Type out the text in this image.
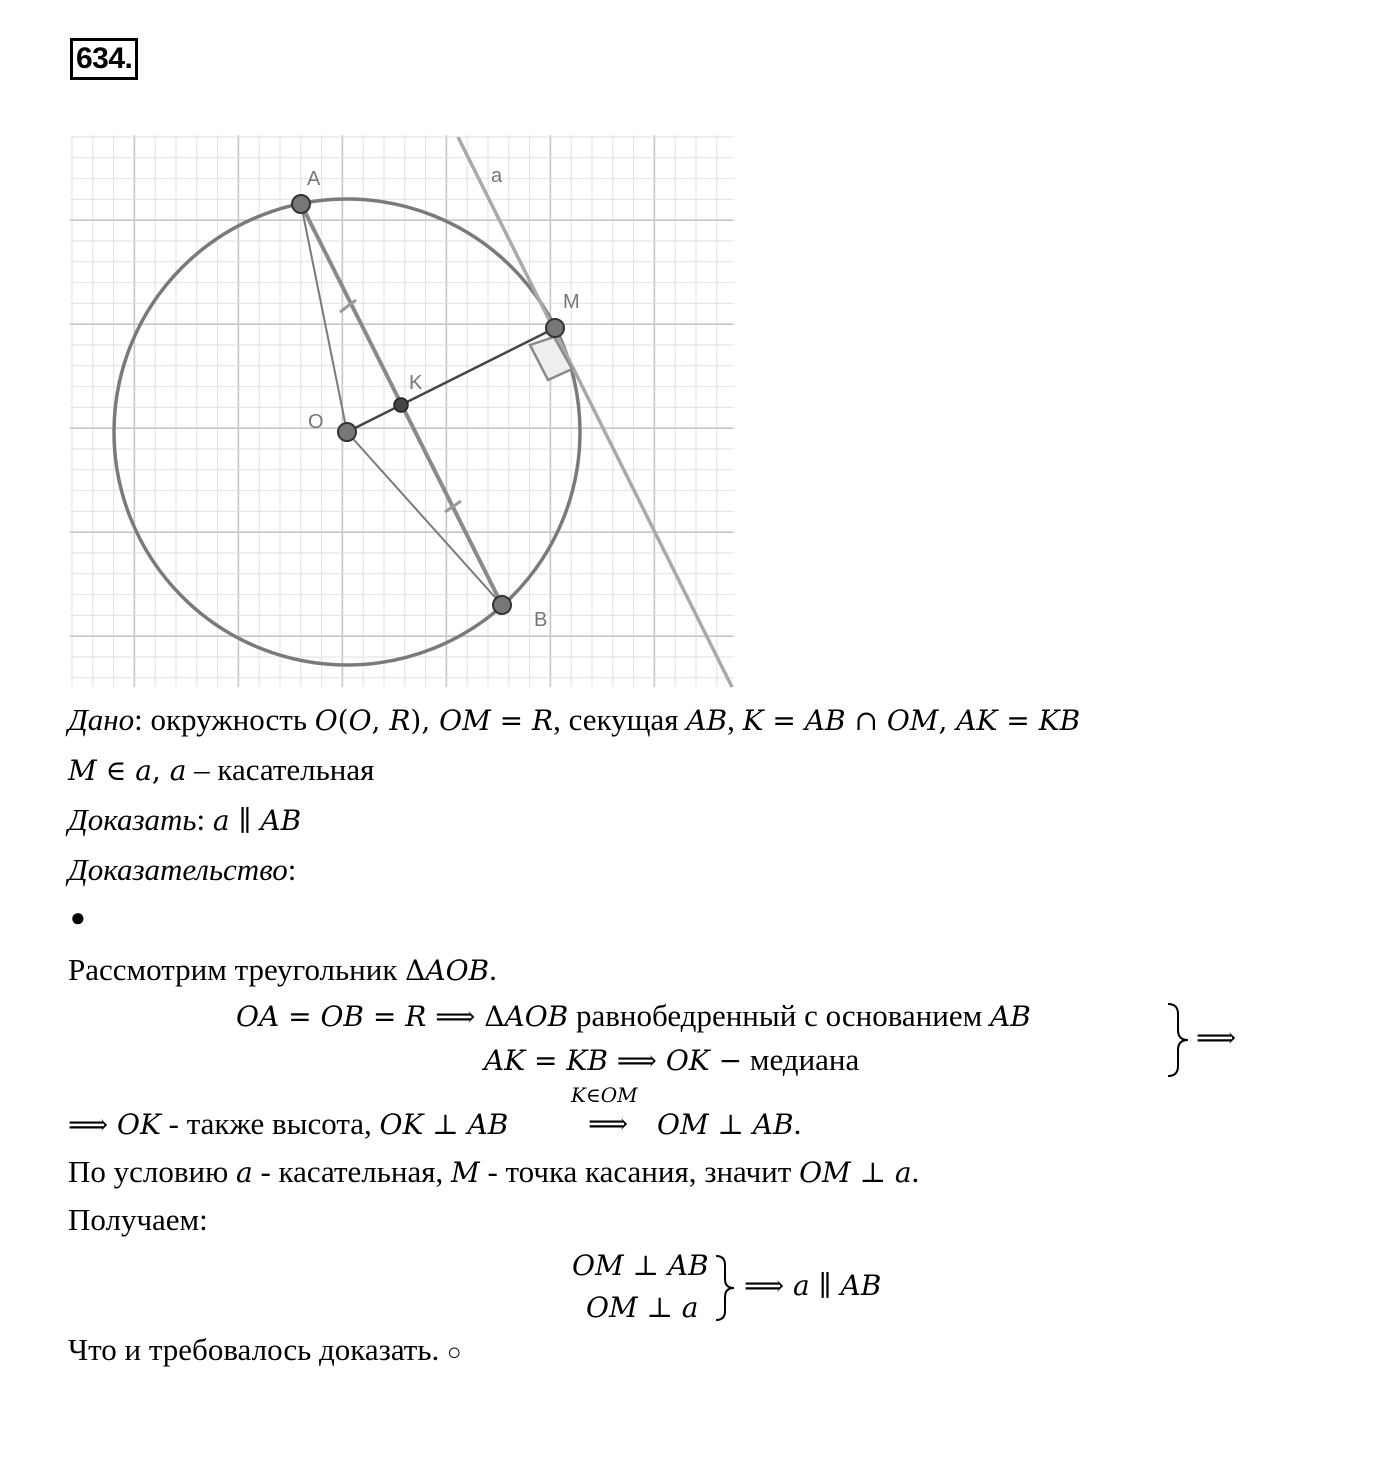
634.
A	a
M
K
O
B
Дано: окружность 𝑂(𝑂, 𝑅), 𝑂𝑀 = 𝑅, секущая 𝐴𝐵, 𝐾 = 𝐴𝐵 ∩ 𝑂𝑀, 𝐴𝐾 = 𝐾𝐵
𝑀 ∈ 𝑎, 𝑎 – касательная
Доказать: 𝑎 ∥ 𝐴𝐵
Доказательство:
●
Рассмотрим треугольник Δ𝐴𝑂𝐵.
𝑂𝐴 = 𝑂𝐵 = 𝑅 ⟹ Δ𝐴𝑂𝐵 равнобедренный с основанием 𝐴𝐵
𝐴𝐾 = 𝐾𝐵 ⟹ 𝑂𝐾 − медиана
⟹
⟹ 𝑂𝐾 - также высота, 𝑂𝐾 ⊥ 𝐴𝐵
𝐾∈𝑂𝑀
⟹ 𝑂𝑀 ⊥ 𝐴𝐵.
По условию 𝑎 - касательная, 𝑀 - точка касания, значит 𝑂𝑀 ⊥ 𝑎.
Получаем:
𝑂𝑀 ⊥ 𝐴𝐵
𝑂𝑀 ⊥ 𝑎
⟹ 𝑎 ∥ 𝐴𝐵
Что и требовалось доказать. ○
